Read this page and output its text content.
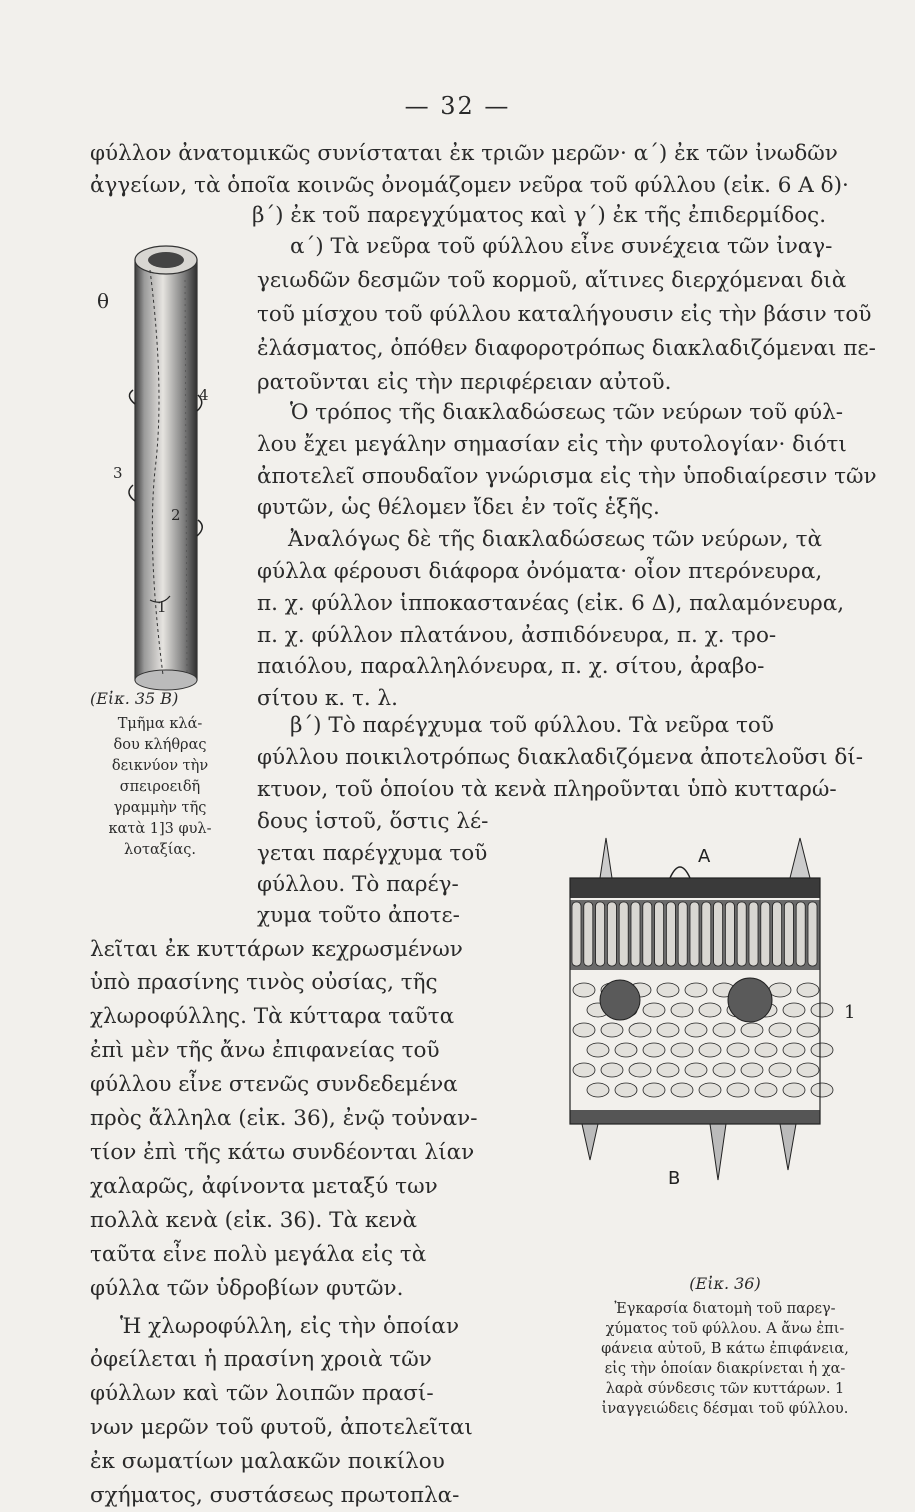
— 32 —
φύλλον ἀνατομικῶς συνίσταται ἐκ τριῶν μερῶν· α΄) ἐκ τῶν ἰνωδῶν
ἀγγείων, τὰ ὁποῖα κοινῶς ὀνομάζομεν νεῦρα τοῦ φύλλου (εἰκ. 6 Α δ)·
β΄) ἐκ τοῦ παρεγχύματος καὶ γ΄) ἐκ τῆς ἐπιδερμίδος.
α΄) Τὰ νεῦρα τοῦ φύλλου εἶνε συνέχεια τῶν ἰναγ-
γειωδῶν δεσμῶν τοῦ κορμοῦ, αἵτινες διερχόμεναι διὰ
τοῦ μίσχου τοῦ φύλλου καταλήγουσιν εἰς τὴν βάσιν τοῦ
ἐλάσματος, ὁπόθεν διαφοροτρόπως διακλαδιζόμεναι πε-
ρατοῦνται εἰς τὴν περιφέρειαν αὐτοῦ.
Ὁ τρόπος τῆς διακλαδώσεως τῶν νεύρων τοῦ φύλ-
λου ἔχει μεγάλην σημασίαν εἰς τὴν φυτολογίαν· διότι
ἀποτελεῖ σπουδαῖον γνώρισμα εἰς τὴν ὑποδιαίρεσιν τῶν
φυτῶν, ὡς θέλομεν ἴδει ἐν τοῖς ἑξῆς.
Ἀναλόγως δὲ τῆς διακλαδώσεως τῶν νεύρων, τὰ
φύλλα φέρουσι διάφορα ὀνόματα· οἷον πτερόνευρα,
π. χ. φύλλον ἱπποκαστανέας (εἰκ. 6 Δ), παλαμόνευρα,
π. χ. φύλλον πλατάνου, ἀσπιδόνευρα, π. χ. τρο-
παιόλου, παραλληλόνευρα, π. χ. σίτου, ἀραβο-
σίτου κ. τ. λ.
β΄) Τὸ παρέγχυμα τοῦ φύλλου. Τὰ νεῦρα τοῦ
φύλλου ποικιλοτρόπως διακλαδιζόμενα ἀποτελοῦσι δί-
κτυον, τοῦ ὁποίου τὰ κενὰ πληροῦνται ὑπὸ κυτταρώ-
δους ἱστοῦ, ὅστις λέ-
γεται παρέγχυμα τοῦ
φύλλου. Τὸ παρέγ-
χυμα τοῦτο ἀποτε-
λεῖται ἐκ κυττάρων κεχρωσμένων
ὑπὸ πρασίνης τινὸς οὐσίας, τῆς
χλωροφύλλης. Τὰ κύτταρα ταῦτα
ἐπὶ μὲν τῆς ἄνω ἐπιφανείας τοῦ
φύλλου εἶνε στενῶς συνδεδεμένα
πρὸς ἄλληλα (εἰκ. 36), ἐνῷ τοὐναν-
τίον ἐπὶ τῆς κάτω συνδέονται λίαν
χαλαρῶς, ἀφίνοντα μεταξύ των
πολλὰ κενὰ (εἰκ. 36). Τὰ κενὰ
ταῦτα εἶνε πολὺ μεγάλα εἰς τὰ
φύλλα τῶν ὑδροβίων φυτῶν.
Ἡ χλωροφύλλη, εἰς τὴν ὁποίαν
ὀφείλεται ἡ πρασίνη χροιὰ τῶν
φύλλων καὶ τῶν λοιπῶν πρασί-
νων μερῶν τοῦ φυτοῦ, ἀποτελεῖται
ἐκ σωματίων μαλακῶν ποικίλου
σχήματος, συστάσεως πρωτοπλα-
θ
4
3
2
1
(Εἰκ. 35 Β)
Τμῆμα κλά-
δου κλήθρας
δεικνύον τὴν
σπειροειδῆ
γραμμὴν τῆς
κατὰ 1]3 φυλ-
λοταξίας.	A
B
1
(Εἰκ. 36)
Ἐγκαρσία διατομὴ τοῦ παρεγ-
χύματος τοῦ φύλλου. Α ἄνω ἐπι-
φάνεια αὐτοῦ, Β κάτω ἐπιφάνεια,
εἰς τὴν ὁποίαν διακρίνεται ἡ χα-
λαρὰ σύνδεσις τῶν κυττάρων. 1
ἰναγγειώδεις δέσμαι τοῦ φύλλου.
